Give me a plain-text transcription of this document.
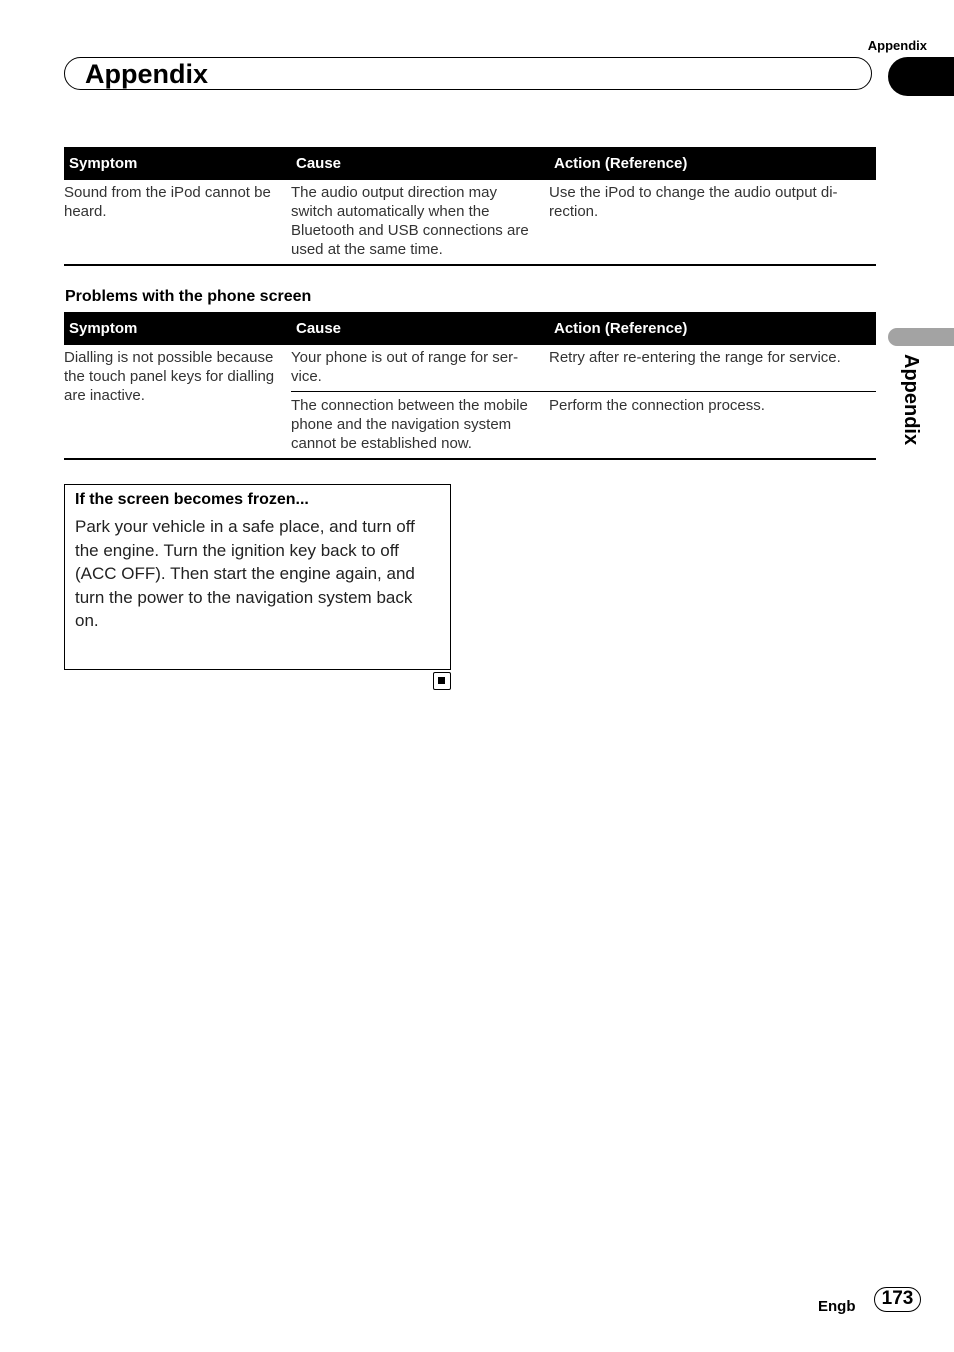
Appendix
Appendix
Appendix
Symptom	Cause	Action (Reference)
Sound from the iPod cannot be heard.	The audio output direction may switch automatically when the Bluetooth and USB connections are used at the same time.	Use the iPod to change the audio output di-rection.
Problems with the phone screen
Symptom	Cause	Action (Reference)
Dialling is not possible because the touch panel keys for dialling are inactive.	Your phone is out of range for ser-vice.	Retry after re-entering the range for service.
	The connection between the mobile phone and the navigation system cannot be established now.	Perform the connection process.
If the screen becomes frozen...
Park your vehicle in a safe place, and turn off the engine. Turn the ignition key back to off (ACC OFF). Then start the engine again, and turn the power to the navigation system back on.
Engb	173
